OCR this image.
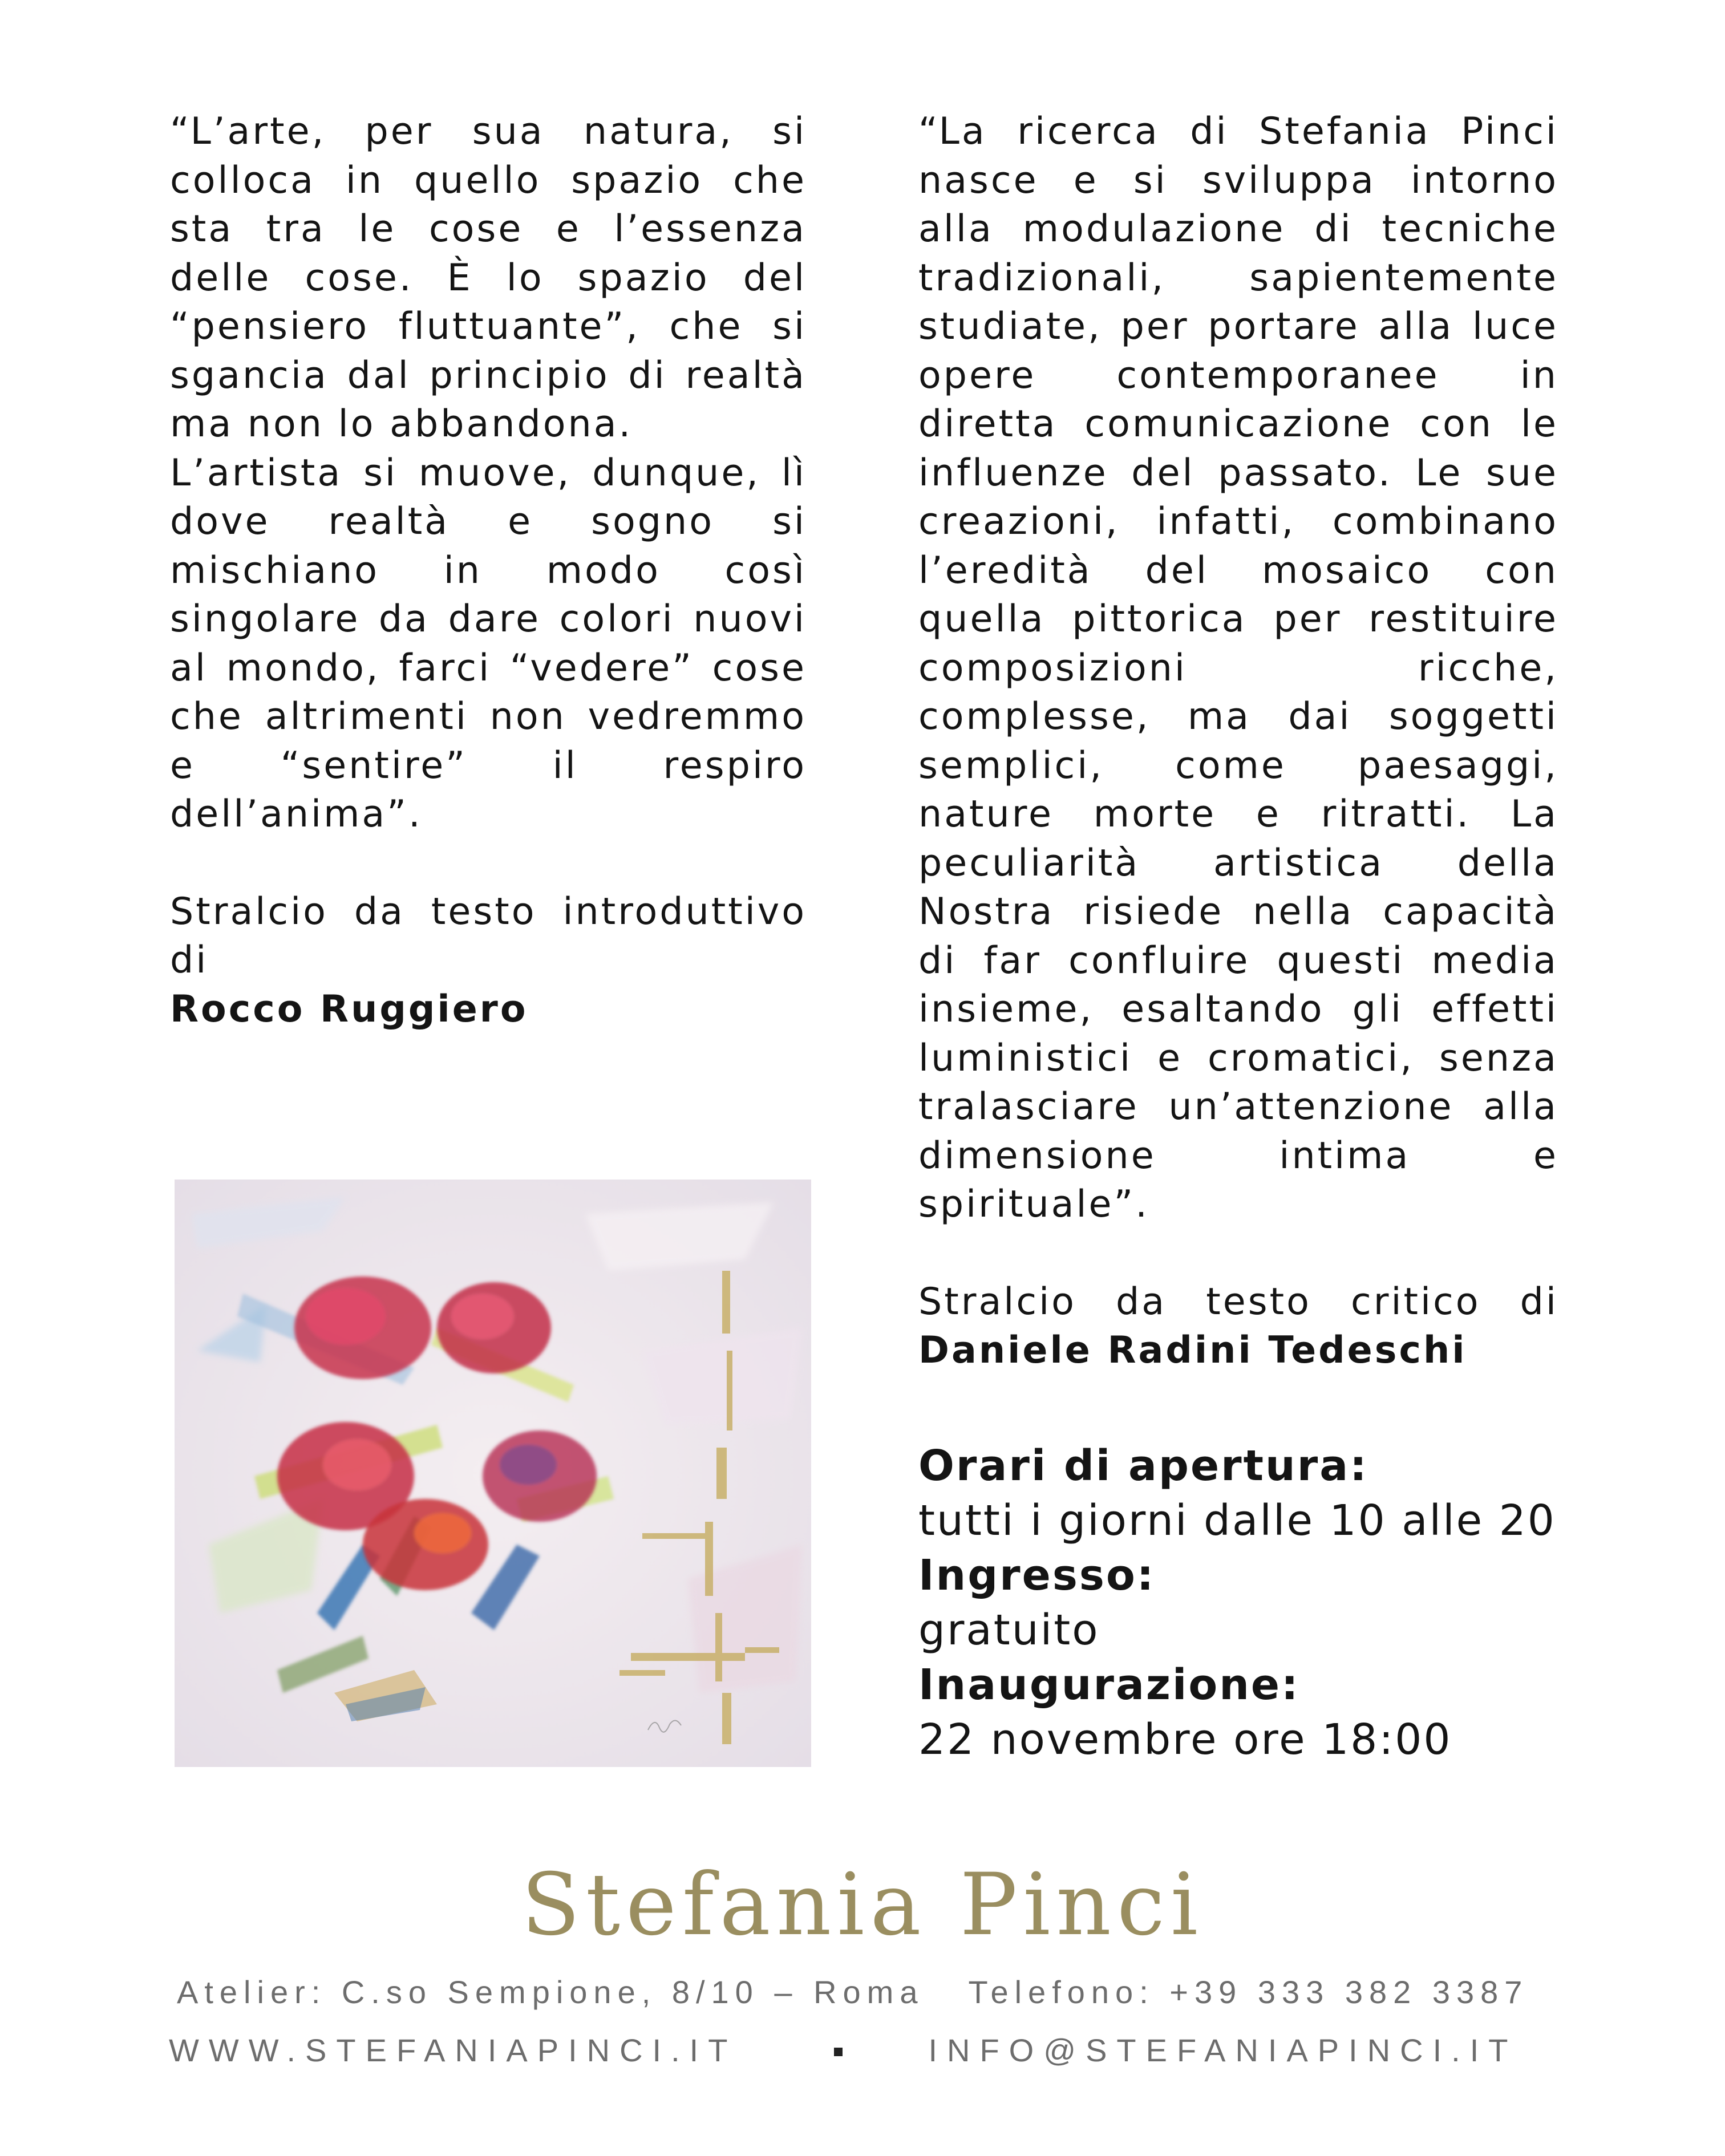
“L’arte, per sua natura, si colloca in quello spazio che sta tra le cose e l’essenza delle cose. È lo spazio del “pensiero fluttuante”, che si sgancia dal principio di realtà ma non lo abbandona.

L’artista si muove, dunque, lì dove realtà e sogno si mischiano in modo così singolare da dare colori nuovi al mondo, farci “vedere” cose che altrimenti non vedremmo e “sentire” il respiro dell’anima”.

Stralcio da testo introduttivo di
Rocco Ruggiero

“La ricerca di Stefania Pinci nasce e si sviluppa intorno alla modulazione di tecniche tradizionali, sapientemente studiate, per portare alla luce opere contemporanee in diretta comunicazione con le influenze del passato. Le sue creazioni, infatti, combinano l’eredità del mosaico con quella pittorica per restituire composizioni ricche, complesse, ma dai soggetti semplici, come paesaggi, nature morte e ritratti. La peculiarità artistica della Nostra risiede nella capacità di far confluire questi media insieme, esaltando gli effetti luministici e cromatici, senza tralasciare un’attenzione alla dimensione intima e spirituale”.

Stralcio da testo critico di
Daniele Radini Tedeschi
Orari di apertura:
tutti i giorni dalle 10 alle 20
Ingresso:
gratuito
Inaugurazione:
22 novembre ore 18:00
Stefania Pinci
Atelier: C.so Sempione, 8/10 – Roma Telefono: +39 333 382 3387
WWW.STEFANIAPINCI.IT	INFO@STEFANIAPINCI.IT
